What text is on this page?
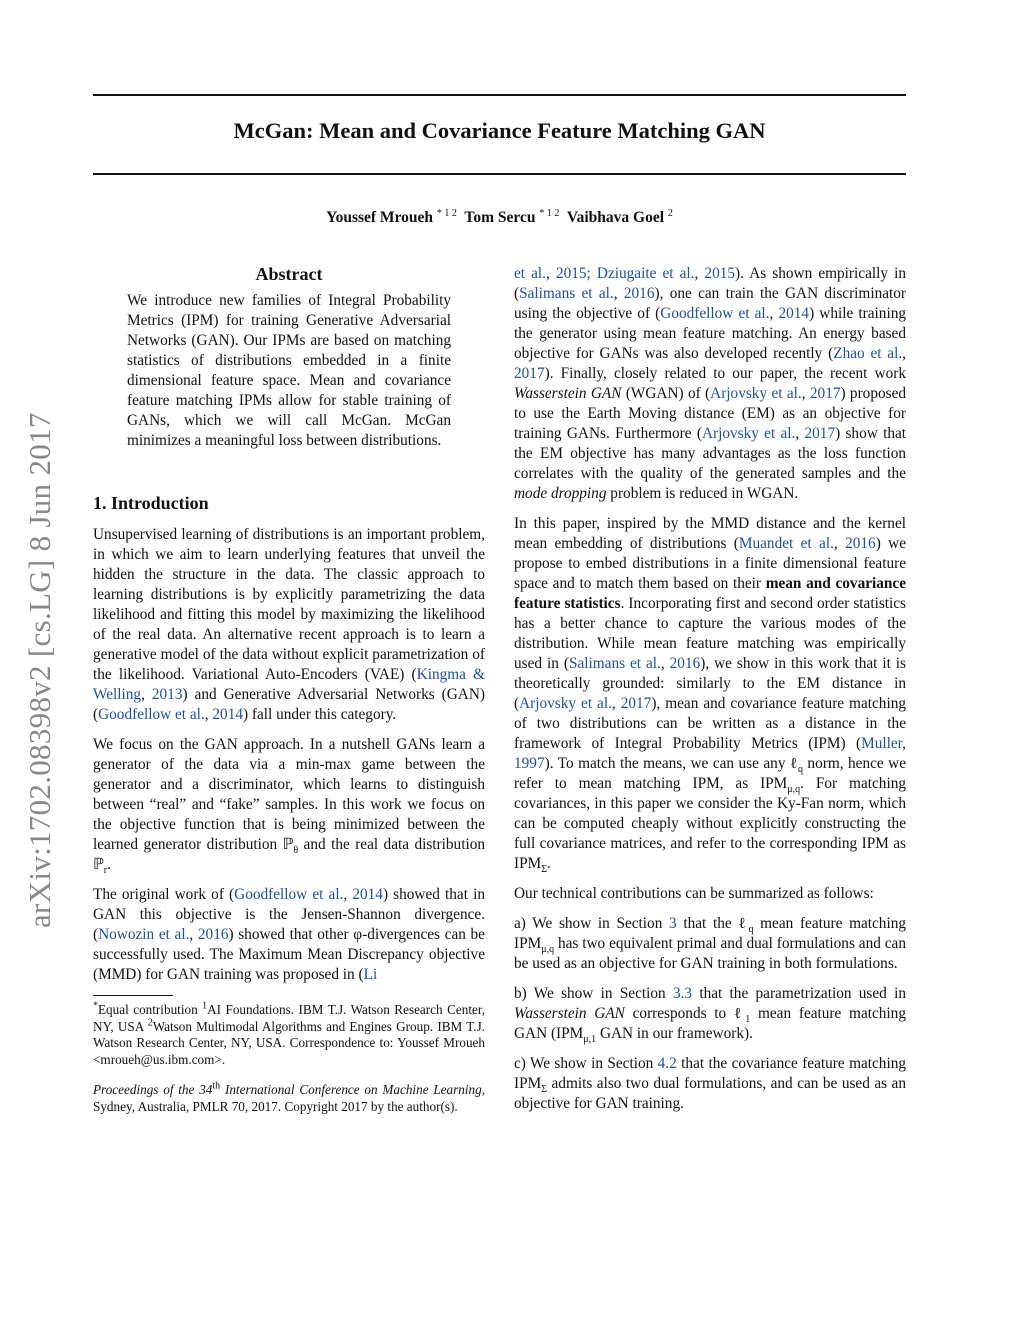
McGan: Mean and Covariance Feature Matching GAN
Youssef Mroueh $^{* 1 2}$ Tom Sercu $^{* 1 2}$ Vaibhava Goel $^2$
arXiv:1702.08398v2 [cs.LG] 8 Jun 2017
Abstract

We introduce new families of Integral Probability Metrics (IPM) for training Generative Adversarial Networks (GAN). Our IPMs are based on matching statistics of distributions embedded in a finite dimensional feature space. Mean and covariance feature matching IPMs allow for stable training of GANs, which we will call McGan. McGan minimizes a meaningful loss between distributions.

1. Introduction

Unsupervised learning of distributions is an important problem, in which we aim to learn underlying features that unveil the hidden the structure in the data. The classic approach to learning distributions is by explicitly parametrizing the data likelihood and fitting this model by maximizing the likelihood of the real data. An alternative recent approach is to learn a generative model of the data without explicit parametrization of the likelihood. Variational Auto-Encoders (VAE) (Kingma & Welling, 2013) and Generative Adversarial Networks (GAN) (Goodfellow et al., 2014) fall under this category.

We focus on the GAN approach. In a nutshell GANs learn a generator of the data via a min-max game between the generator and a discriminator, which learns to distinguish between “real” and “fake” samples. In this work we focus on the objective function that is being minimized between the learned generator distribution ℙ$_\theta$ and the real data distribution ℙ$_r$.

The original work of (Goodfellow et al., 2014) showed that in GAN this objective is the Jensen-Shannon divergence. (Nowozin et al., 2016) showed that other φ-divergences can be successfully used. The Maximum Mean Discrepancy objective (MMD) for GAN training was proposed in (Li

*Equal contribution $^1$AI Foundations. IBM T.J. Watson Research Center, NY, USA $^2$Watson Multimodal Algorithms and Engines Group. IBM T.J. Watson Research Center, NY, USA. Correspondence to: Youssef Mroueh <mroueh@us.ibm.com>.

Proceedings of the 34th International Conference on Machine Learning, Sydney, Australia, PMLR 70, 2017. Copyright 2017 by the author(s).

et al., 2015; Dziugaite et al., 2015). As shown empirically in (Salimans et al., 2016), one can train the GAN discriminator using the objective of (Goodfellow et al., 2014) while training the generator using mean feature matching. An energy based objective for GANs was also developed recently (Zhao et al., 2017). Finally, closely related to our paper, the recent work Wasserstein GAN (WGAN) of (Arjovsky et al., 2017) proposed to use the Earth Moving distance (EM) as an objective for training GANs. Furthermore (Arjovsky et al., 2017) show that the EM objective has many advantages as the loss function correlates with the quality of the generated samples and the mode dropping problem is reduced in WGAN.

In this paper, inspired by the MMD distance and the kernel mean embedding of distributions (Muandet et al., 2016) we propose to embed distributions in a finite dimensional feature space and to match them based on their mean and covariance feature statistics. Incorporating first and second order statistics has a better chance to capture the various modes of the distribution. While mean feature matching was empirically used in (Salimans et al., 2016), we show in this work that it is theoretically grounded: similarly to the EM distance in (Arjovsky et al., 2017), mean and covariance feature matching of two distributions can be written as a distance in the framework of Integral Probability Metrics (IPM) (Muller, 1997). To match the means, we can use any ℓ$_q$ norm, hence we refer to mean matching IPM, as $IPM_{\mu,q}$. For matching covariances, in this paper we consider the Ky-Fan norm, which can be computed cheaply without explicitly constructing the full covariance matrices, and refer to the corresponding IPM as $IPM_\Sigma$.

Our technical contributions can be summarized as follows:

a) We show in Section 3 that the ℓ$_q$ mean feature matching $IPM_{\mu,q}$ has two equivalent primal and dual formulations and can be used as an objective for GAN training in both formulations.

b) We show in Section 3.3 that the parametrization used in Wasserstein GAN corresponds to ℓ$_1$ mean feature matching GAN ($IPM_{\mu,1}$ GAN in our framework).

c) We show in Section 4.2 that the covariance feature matching $IPM_\Sigma$ admits also two dual formulations, and can be used as an objective for GAN training.
